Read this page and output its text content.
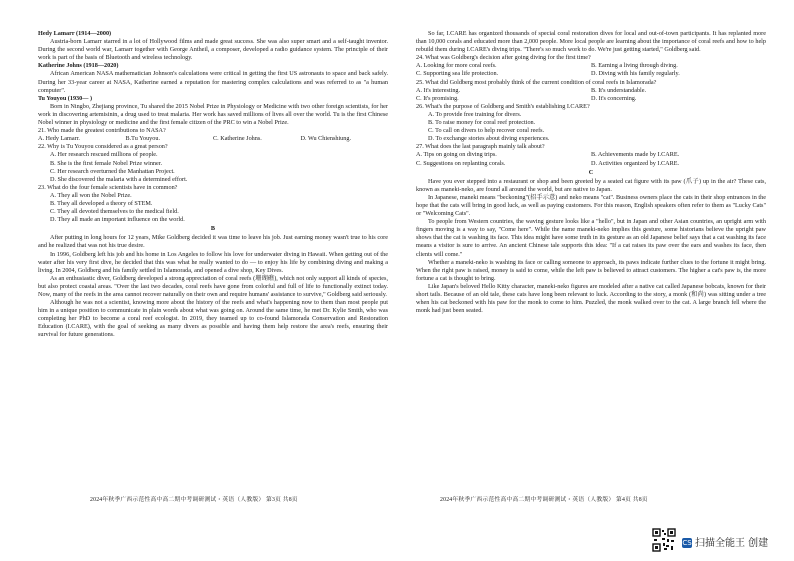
Hedy Lamarr (1914—2000)

Austria-born Lamarr starred in a lot of Hollywood films and made great success. She was also super smart and a self-taught inventor. During the second world war, Lamarr together with George Antheil, a composer, developed a radio guidance system. The principle of their work is part of the basis of Bluetooth and wireless technology.

Katherine Johns (1918—2020)

African American NASA mathematician Johnson's calculations were critical in getting the first US astronauts to space and back safely. During her 33-year career at NASA, Katherine earned a reputation for mastering complex calculations and was referred to as "a human computer".

Tu Youyou (1930— )

Born in Ningbo, Zhejiang province, Tu shared the 2015 Nobel Prize in Physiology or Medicine with two other foreign scientists, for her work in discovering artemisinin, a drug used to treat malaria. Her work has saved millions of lives all over the world. Tu is the first Chinese Nobel winner in physiology or medicine and the first female citizen of the PRC to win a Nobel Prize.

21. Who made the greatest contributions to NASA?

A. Hedy Lamarr.	B.Tu Youyou.	C. Katherine Johns.	D. Wu Chienshiung.

22. Why is Tu Youyou considered as a great person?

A. Her research rescued millions of people.

B. She is the first female Nobel Prize winner.

C. Her research overturned the Manhattan Project.

D. She discovered the malaria with a determined effort.

23. What do the four female scientists have in common?

A. They all won the Nobel Prize.

B. They all developed a theory of STEM.

C. They all devoted themselves to the medical field.

D. They all made an important influence on the world.

B

After putting in long hours for 12 years, Mike Goldberg decided it was time to leave his job. Just earning money wasn't true to his core and he realized that was not his true desire.

In 1996, Goldberg left his job and his home in Los Angeles to follow his love for underwater diving in Hawaii. When getting out of the water after his very first dive, he decided that this was what he really wanted to do — to enjoy his life by combining diving and making a living. In 2004, Goldberg and his family settled in Islamorada, and opened a dive shop, Key Dives.

As an enthusiastic diver, Goldberg developed a strong appreciation of coral reefs (珊瑚礁), which not only support all kinds of species, but also protect coastal areas. "Over the last two decades, coral reefs have gone from colorful and full of life to functionally extinct today. Now, many of the reefs in the area cannot recover naturally on their own and require humans' assistance to survive," Goldberg said seriously.

Although he was not a scientist, knowing more about the history of the reefs and what's happening now to them than most people put him in a unique position to communicate in plain words about what was going on. Around the same time, he met Dr. Kylie Smith, who was completing her PhD to become a coral reef ecologist. In 2019, they teamed up to co-found Islamorada Conservation and Restoration Education (I.CARE), with the goal of seeking as many divers as possible and having them help restore the area's reefs, ensuring their survival for future generations.

So far, I.CARE has organized thousands of special coral restoration dives for local and out-of-town participants. It has replanted more than 10,000 corals and educated more than 2,000 people. More local people are learning about the importance of coral reefs and how to help rebuild them during I.CARE's diving trips. "There's so much work to do. We're just getting started," Goldberg said.

24. What was Goldberg's decision after going diving for the first time?

A. Looking for more coral reefs.	B. Earning a living through diving.
C. Supporting sea life protection.	D. Diving with his family regularly.

25. What did Goldberg most probably think of the current condition of coral reefs in Islamorada?

A. It's interesting.	B. It's understandable.
C. It's promising.	D. It's concerning.

26. What's the purpose of Goldberg and Smith's establishing I.CARE?

A. To provide free training for divers.

B. To raise money for coral reef protection.

C. To call on divers to help recover coral reefs.

D. To exchange stories about diving experiences.

27. What does the last paragraph mainly talk about?

A. Tips on going on diving trips.	B. Achievements made by I.CARE.
C. Suggestions on replanting corals.	D. Activities organized by I.CARE.

C

Have you ever stepped into a restaurant or shop and been greeted by a seated cat figure with its paw (爪子) up in the air? These cats, known as maneki-neko, are found all around the world, but are native to Japan.

In Japanese, maneki means "beckoning"(招手示意) and neko means "cat". Business owners place the cats in their shop entrances in the hope that the cats will bring in good luck, as well as paying customers. For this reason, English speakers often refer to them as "Lucky Cats" or "Welcoming Cats".

To people from Western countries, the waving gesture looks like a "hello", but in Japan and other Asian countries, an upright arm with fingers moving is a way to say, "Come here". While the name maneki-neko implies this gesture, some historians believe the upright paw shows that the cat is washing its face. This idea might have some truth in its gesture as an old Japanese belief says that a cat washing its face means a visitor is sure to arrive. An ancient Chinese tale supports this idea: "If a cat raises its paw over the ears and washes its face, then clients will come."

Whether a maneki-neko is washing its face or calling someone to approach, its paws indicate further clues to the fortune it might bring. When the right paw is raised, money is said to come, while the left paw is believed to attract customers. The higher a cat's paw is, the more fortune a cat is thought to bring.

Like Japan's beloved Hello Kitty character, maneki-neko figures are modeled after a native cat called Japanese bobcats, known for their short tails. Because of an old tale, these cats have long been relevant to luck. According to the story, a monk (和尚) was sitting under a tree when his cat beckoned with his paw for the monk to come to him. Puzzled, the monk walked over to the cat. A large branch fell where the monk had just been seated.

2024年秋季广西示范性高中高二期中考调研测试・英语（人教版） 第3页 共8页	2024年秋季广西示范性高中高二期中考调研测试・英语（人教版） 第4页 共8页
CS 扫描全能王 创建
